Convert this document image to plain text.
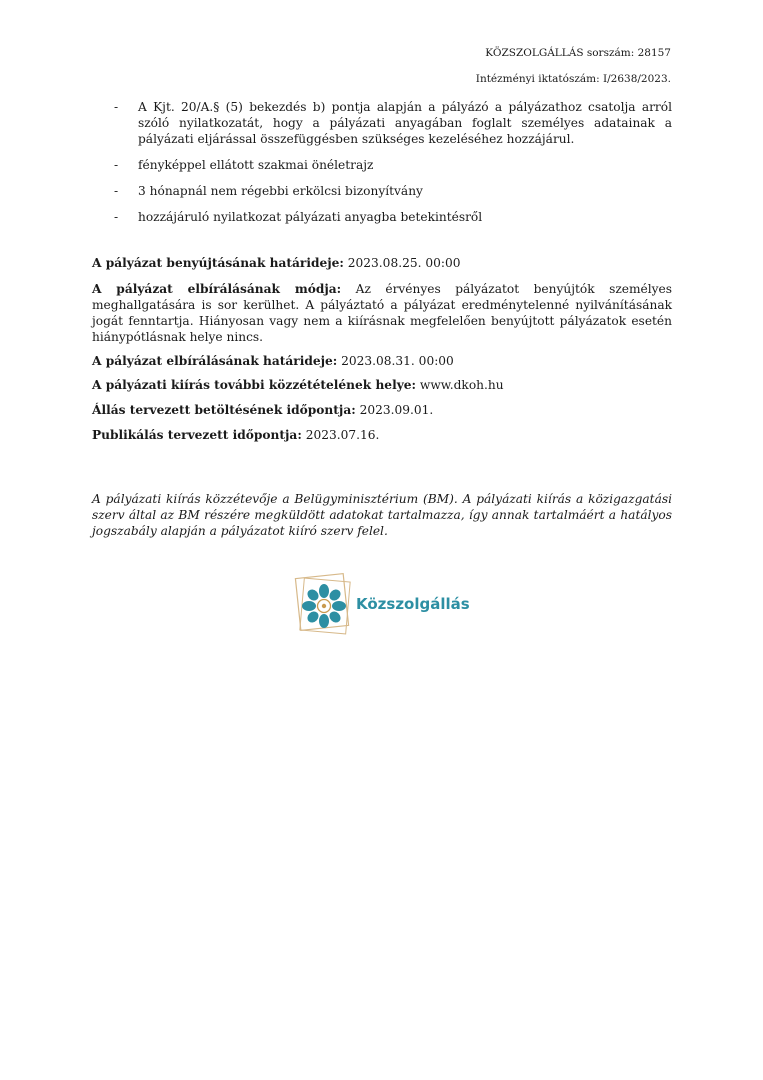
KÖZSZOLGÁLLÁS sorszám: 28157
Intézményi iktatószám: I/2638/2023.
- A Kjt. 20/A.§ (5) bekezdés b) pontja alapján a pályázó a pályázathoz csatolja arról szóló nyilatkozatát, hogy a pályázati anyagában foglalt személyes adatainak a pályázati eljárással összefüggésben szükséges kezeléséhez hozzájárul.
- fényképpel ellátott szakmai önéletrajz
- 3 hónapnál nem régebbi erkölcsi bizonyítvány
- hozzájáruló nyilatkozat pályázati anyagba betekintésről
A pályázat benyújtásának határideje: 2023.08.25. 00:00
A pályázat elbírálásának módja: Az érvényes pályázatot benyújtók személyes meghallgatására is sor kerülhet. A pályáztató a pályázat eredménytelenné nyilvánításának jogát fenntartja. Hiányosan vagy nem a kiírásnak megfelelően benyújtott pályázatok esetén hiánypótlásnak helye nincs.
A pályázat elbírálásának határideje: 2023.08.31. 00:00
A pályázati kiírás további közzétételének helye: www.dkoh.hu
Állás tervezett betöltésének időpontja: 2023.09.01.
Publikálás tervezett időpontja: 2023.07.16.
A pályázati kiírás közzétevője a Belügyminisztérium (BM). A pályázati kiírás a közigazgatási szerv által az BM részére megküldött adatokat tartalmazza, így annak tartalmáért a hatályos jogszabály alapján a pályázatot kiíró szerv felel.
Közszolgállás
